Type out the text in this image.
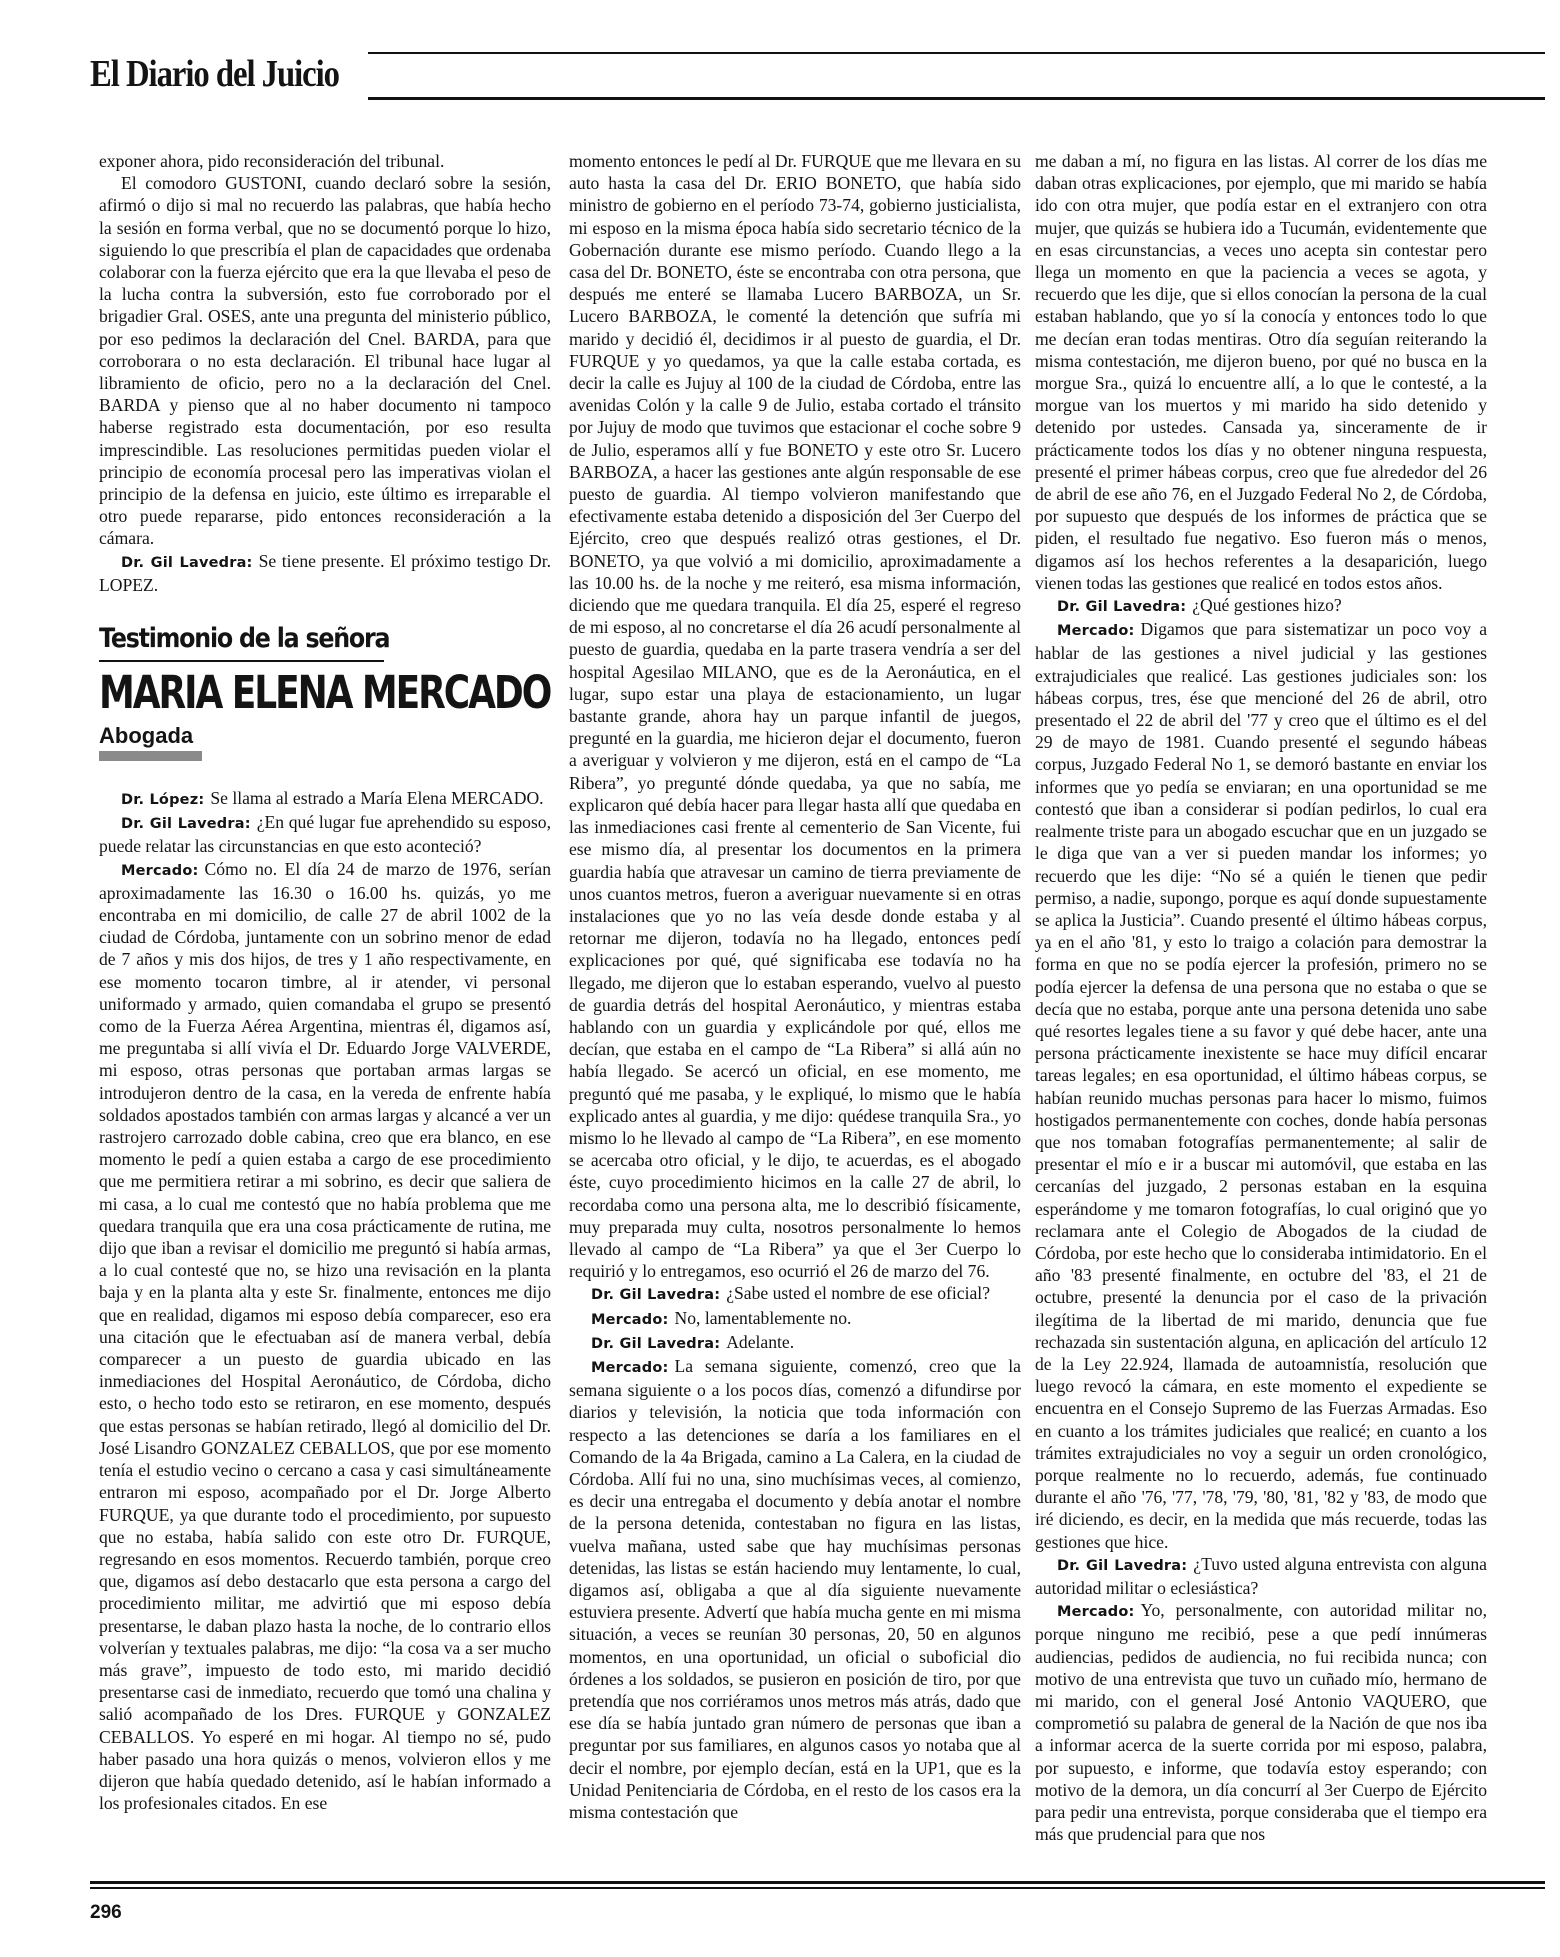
El Diario del Juicio

exponer ahora, pido reconsideración del tribunal.

El comodoro GUSTONI, cuando declaró sobre la sesión, afirmó o dijo si mal no recuerdo las palabras, que había hecho la sesión en forma verbal, que no se documentó porque lo hizo, siguiendo lo que prescribía el plan de capacidades que ordenaba colaborar con la fuerza ejército que era la que llevaba el peso de la lucha contra la subversión, esto fue corroborado por el brigadier Gral. OSES, ante una pregunta del ministerio público, por eso pedimos la declaración del Cnel. BARDA, para que corroborara o no esta declaración. El tribunal hace lugar al libramiento de oficio, pero no a la declaración del Cnel. BARDA y pienso que al no haber documento ni tampoco haberse registrado esta documentación, por eso resulta imprescindible. Las resoluciones permitidas pueden violar el principio de economía procesal pero las imperativas violan el principio de la defensa en juicio, este último es irreparable el otro puede repararse, pido entonces reconsideración a la cámara.

Dr. Gil Lavedra: Se tiene presente. El próximo testigo Dr. LOPEZ.

Testimonio de la señora
MARIA ELENA MERCADO
Abogada

Dr. López: Se llama al estrado a María Elena MERCADO.

Dr. Gil Lavedra: ¿En qué lugar fue aprehendido su esposo, puede relatar las circunstancias en que esto aconteció?

Mercado: Cómo no. El día 24 de marzo de 1976, serían aproximadamente las 16.30 o 16.00 hs. quizás, yo me encontraba en mi domicilio, de calle 27 de abril 1002 de la ciudad de Córdoba, juntamente con un sobrino menor de edad de 7 años y mis dos hijos, de tres y 1 año respectivamente, en ese momento tocaron timbre, al ir atender, vi personal uniformado y armado, quien comandaba el grupo se presentó como de la Fuerza Aérea Argentina, mientras él, digamos así, me preguntaba si allí vivía el Dr. Eduardo Jorge VALVERDE, mi esposo, otras personas que portaban armas largas se introdujeron dentro de la casa, en la vereda de enfrente había soldados apostados también con armas largas y alcancé a ver un rastrojero carrozado doble cabina, creo que era blanco, en ese momento le pedí a quien estaba a cargo de ese procedimiento que me permitiera retirar a mi sobrino, es decir que saliera de mi casa, a lo cual me contestó que no había problema que me quedara tranquila que era una cosa prácticamente de rutina, me dijo que iban a revisar el domicilio me preguntó si había armas, a lo cual contesté que no, se hizo una revisación en la planta baja y en la planta alta y este Sr. finalmente, entonces me dijo que en realidad, digamos mi esposo debía comparecer, eso era una citación que le efectuaban así de manera verbal, debía comparecer a un puesto de guardia ubicado en las inmediaciones del Hospital Aeronáutico, de Córdoba, dicho esto, o hecho todo esto se retiraron, en ese momento, después que estas personas se habían retirado, llegó al domicilio del Dr. José Lisandro GONZALEZ CEBALLOS, que por ese momento tenía el estudio vecino o cercano a casa y casi simultáneamente entraron mi esposo, acompañado por el Dr. Jorge Alberto FURQUE, ya que durante todo el procedimiento, por supuesto que no estaba, había salido con este otro Dr. FURQUE, regresando en esos momentos. Recuerdo también, porque creo que, digamos así debo destacarlo que esta persona a cargo del procedimiento militar, me advirtió que mi esposo debía presentarse, le daban plazo hasta la noche, de lo contrario ellos volverían y textuales palabras, me dijo: “la cosa va a ser mucho más grave”, impuesto de todo esto, mi marido decidió presentarse casi de inmediato, recuerdo que tomó una chalina y salió acompañado de los Dres. FURQUE y GONZALEZ CEBALLOS. Yo esperé en mi hogar. Al tiempo no sé, pudo haber pasado una hora quizás o menos, volvieron ellos y me dijeron que había quedado detenido, así le habían informado a los profesionales citados. En ese

momento entonces le pedí al Dr. FURQUE que me llevara en su auto hasta la casa del Dr. ERIO BONETO, que había sido ministro de gobierno en el período 73-74, gobierno justicialista, mi esposo en la misma época había sido secretario técnico de la Gobernación durante ese mismo período. Cuando llego a la casa del Dr. BONETO, éste se encontraba con otra persona, que después me enteré se llamaba Lucero BARBOZA, un Sr. Lucero BARBOZA, le comenté la detención que sufría mi marido y decidió él, decidimos ir al puesto de guardia, el Dr. FURQUE y yo quedamos, ya que la calle estaba cortada, es decir la calle es Jujuy al 100 de la ciudad de Córdoba, entre las avenidas Colón y la calle 9 de Julio, estaba cortado el tránsito por Jujuy de modo que tuvimos que estacionar el coche sobre 9 de Julio, esperamos allí y fue BONETO y este otro Sr. Lucero BARBOZA, a hacer las gestiones ante algún responsable de ese puesto de guardia. Al tiempo volvieron manifestando que efectivamente estaba detenido a disposición del 3er Cuerpo del Ejército, creo que después realizó otras gestiones, el Dr. BONETO, ya que volvió a mi domicilio, aproximadamente a las 10.00 hs. de la noche y me reiteró, esa misma información, diciendo que me quedara tranquila. El día 25, esperé el regreso de mi esposo, al no concretarse el día 26 acudí personalmente al puesto de guardia, quedaba en la parte trasera vendría a ser del hospital Agesilao MILANO, que es de la Aeronáutica, en el lugar, supo estar una playa de estacionamiento, un lugar bastante grande, ahora hay un parque infantil de juegos, pregunté en la guardia, me hicieron dejar el documento, fueron a averiguar y volvieron y me dijeron, está en el campo de “La Ribera”, yo pregunté dónde quedaba, ya que no sabía, me explicaron qué debía hacer para llegar hasta allí que quedaba en las inmediaciones casi frente al cementerio de San Vicente, fui ese mismo día, al presentar los documentos en la primera guardia había que atravesar un camino de tierra previamente de unos cuantos metros, fueron a averiguar nuevamente si en otras instalaciones que yo no las veía desde donde estaba y al retornar me dijeron, todavía no ha llegado, entonces pedí explicaciones por qué, qué significaba ese todavía no ha llegado, me dijeron que lo estaban esperando, vuelvo al puesto de guardia detrás del hospital Aeronáutico, y mientras estaba hablando con un guardia y explicándole por qué, ellos me decían, que estaba en el campo de “La Ribera” si allá aún no había llegado. Se acercó un oficial, en ese momento, me preguntó qué me pasaba, y le expliqué, lo mismo que le había explicado antes al guardia, y me dijo: quédese tranquila Sra., yo mismo lo he llevado al campo de “La Ribera”, en ese momento se acercaba otro oficial, y le dijo, te acuerdas, es el abogado éste, cuyo procedimiento hicimos en la calle 27 de abril, lo recordaba como una persona alta, me lo describió físicamente, muy preparada muy culta, nosotros personalmente lo hemos llevado al campo de “La Ribera” ya que el 3er Cuerpo lo requirió y lo entregamos, eso ocurrió el 26 de marzo del 76.

Dr. Gil Lavedra: ¿Sabe usted el nombre de ese oficial?

Mercado: No, lamentablemente no.

Dr. Gil Lavedra: Adelante.

Mercado: La semana siguiente, comenzó, creo que la semana siguiente o a los pocos días, comenzó a difundirse por diarios y televisión, la noticia que toda información con respecto a las detenciones se daría a los familiares en el Comando de la 4a Brigada, camino a La Calera, en la ciudad de Córdoba. Allí fui no una, sino muchísimas veces, al comienzo, es decir una entregaba el documento y debía anotar el nombre de la persona detenida, contestaban no figura en las listas, vuelva mañana, usted sabe que hay muchísimas personas detenidas, las listas se están haciendo muy lentamente, lo cual, digamos así, obligaba a que al día siguiente nuevamente estuviera presente. Advertí que había mucha gente en mi misma situación, a veces se reunían 30 personas, 20, 50 en algunos momentos, en una oportunidad, un oficial o suboficial dio órdenes a los soldados, se pusieron en posición de tiro, por que pretendía que nos corriéramos unos metros más atrás, dado que ese día se había juntado gran número de personas que iban a preguntar por sus familiares, en algunos casos yo notaba que al decir el nombre, por ejemplo decían, está en la UP1, que es la Unidad Penitenciaria de Córdoba, en el resto de los casos era la misma contestación que

me daban a mí, no figura en las listas. Al correr de los días me daban otras explicaciones, por ejemplo, que mi marido se había ido con otra mujer, que podía estar en el extranjero con otra mujer, que quizás se hubiera ido a Tucumán, evidentemente que en esas circunstancias, a veces uno acepta sin contestar pero llega un momento en que la paciencia a veces se agota, y recuerdo que les dije, que si ellos conocían la persona de la cual estaban hablando, que yo sí la conocía y entonces todo lo que me decían eran todas mentiras. Otro día seguían reiterando la misma contestación, me dijeron bueno, por qué no busca en la morgue Sra., quizá lo encuentre allí, a lo que le contesté, a la morgue van los muertos y mi marido ha sido detenido y detenido por ustedes. Cansada ya, sinceramente de ir prácticamente todos los días y no obtener ninguna respuesta, presenté el primer hábeas corpus, creo que fue alrededor del 26 de abril de ese año 76, en el Juzgado Federal No 2, de Córdoba, por supuesto que después de los informes de práctica que se piden, el resultado fue negativo. Eso fueron más o menos, digamos así los hechos referentes a la desaparición, luego vienen todas las gestiones que realicé en todos estos años.

Dr. Gil Lavedra: ¿Qué gestiones hizo?

Mercado: Digamos que para sistematizar un poco voy a hablar de las gestiones a nivel judicial y las gestiones extrajudiciales que realicé. Las gestiones judiciales son: los hábeas corpus, tres, ése que mencioné del 26 de abril, otro presentado el 22 de abril del '77 y creo que el último es el del 29 de mayo de 1981. Cuando presenté el segundo hábeas corpus, Juzgado Federal No 1, se demoró bastante en enviar los informes que yo pedía se enviaran; en una oportunidad se me contestó que iban a considerar si podían pedirlos, lo cual era realmente triste para un abogado escuchar que en un juzgado se le diga que van a ver si pueden mandar los informes; yo recuerdo que les dije: “No sé a quién le tienen que pedir permiso, a nadie, supongo, porque es aquí donde supuestamente se aplica la Justicia”. Cuando presenté el último hábeas corpus, ya en el año '81, y esto lo traigo a colación para demostrar la forma en que no se podía ejercer la profesión, primero no se podía ejercer la defensa de una persona que no estaba o que se decía que no estaba, porque ante una persona detenida uno sabe qué resortes legales tiene a su favor y qué debe hacer, ante una persona prácticamente inexistente se hace muy difícil encarar tareas legales; en esa oportunidad, el último hábeas corpus, se habían reunido muchas personas para hacer lo mismo, fuimos hostigados permanentemente con coches, donde había personas que nos tomaban fotografías permanentemente; al salir de presentar el mío e ir a buscar mi automóvil, que estaba en las cercanías del juzgado, 2 personas estaban en la esquina esperándome y me tomaron fotografías, lo cual originó que yo reclamara ante el Colegio de Abogados de la ciudad de Córdoba, por este hecho que lo consideraba intimidatorio. En el año '83 presenté finalmente, en octubre del '83, el 21 de octubre, presenté la denuncia por el caso de la privación ilegítima de la libertad de mi marido, denuncia que fue rechazada sin sustentación alguna, en aplicación del artículo 12 de la Ley 22.924, llamada de autoamnistía, resolución que luego revocó la cámara, en este momento el expediente se encuentra en el Consejo Supremo de las Fuerzas Armadas. Eso en cuanto a los trámites judiciales que realicé; en cuanto a los trámites extrajudiciales no voy a seguir un orden cronológico, porque realmente no lo recuerdo, además, fue continuado durante el año '76, '77, '78, '79, '80, '81, '82 y '83, de modo que iré diciendo, es decir, en la medida que más recuerde, todas las gestiones que hice.

Dr. Gil Lavedra: ¿Tuvo usted alguna entrevista con alguna autoridad militar o eclesiástica?

Mercado: Yo, personalmente, con autoridad militar no, porque ninguno me recibió, pese a que pedí innúmeras audiencias, pedidos de audiencia, no fui recibida nunca; con motivo de una entrevista que tuvo un cuñado mío, hermano de mi marido, con el general José Antonio VAQUERO, que comprometió su palabra de general de la Nación de que nos iba a informar acerca de la suerte corrida por mi esposo, palabra, por supuesto, e informe, que todavía estoy esperando; con motivo de la demora, un día concurrí al 3er Cuerpo de Ejército para pedir una entrevista, porque consideraba que el tiempo era más que prudencial para que nos

296
